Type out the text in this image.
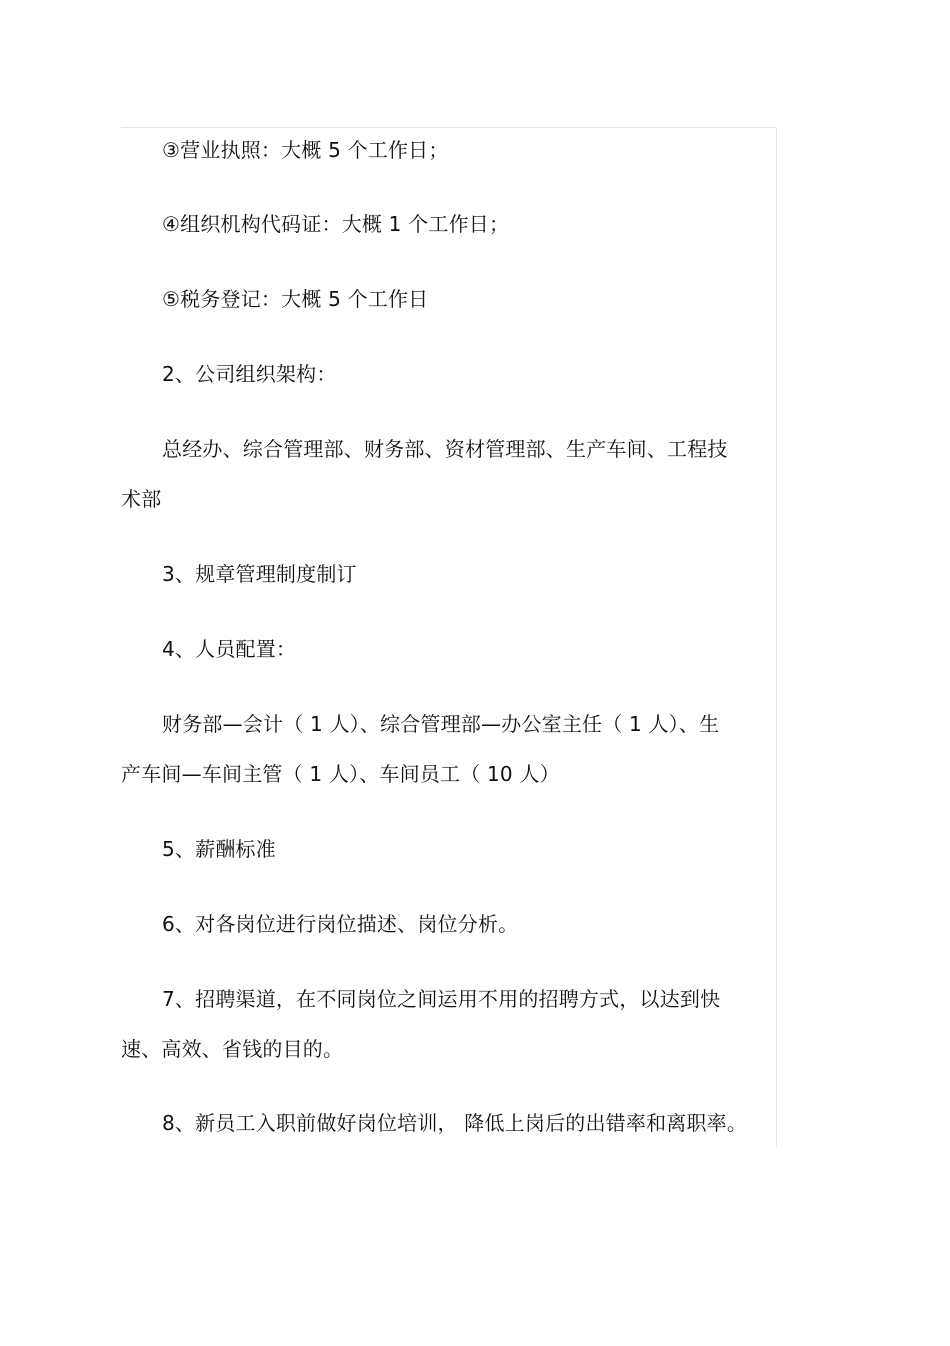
③营业执照：大概 5 个工作日；
④组织机构代码证：大概 1 个工作日；
⑤税务登记：大概 5 个工作日
2、公司组织架构：
总经办、综合管理部、财务部、资材管理部、生产车间、工程技
术部
3、规章管理制度制订
4、人员配置：
财务部—会计（ 1 人）、综合管理部—办公室主任（ 1 人）、生
产车间—车间主管（ 1 人）、车间员工（ 10 人）
5、薪酬标准
6、对各岗位进行岗位描述、岗位分析。
7、招聘渠道，在不同岗位之间运用不用的招聘方式，以达到快
速、高效、省钱的目的。
8、新员工入职前做好岗位培训， 降低上岗后的出错率和离职率。
